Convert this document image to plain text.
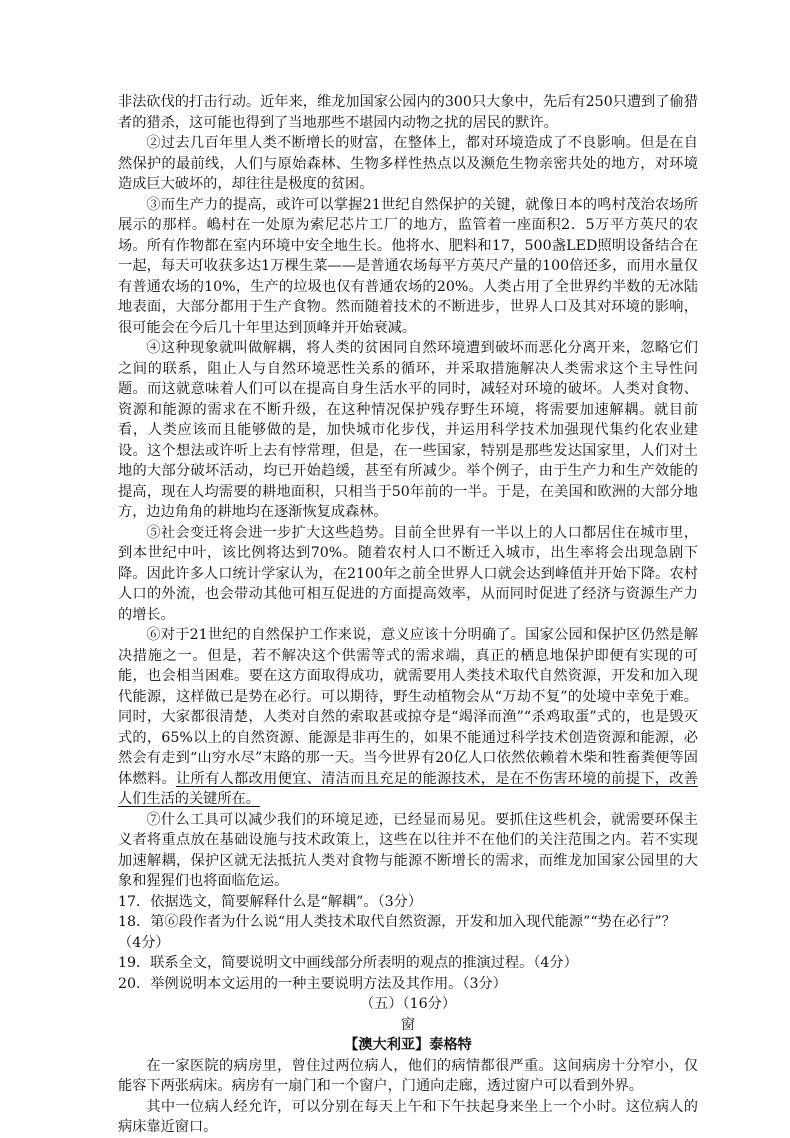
非法砍伐的打击行动。近年来，维龙加国家公园内的300只大象中，先后有250只遭到了偷猎者的猎杀，这可能也得到了当地那些不堪园内动物之扰的居民的默许。

②过去几百年里人类不断增长的财富，在整体上，都对环境造成了不良影响。但是在自然保护的最前线，人们与原始森林、生物多样性热点以及濒危生物亲密共处的地方，对环境造成巨大破坏的，却往往是极度的贫困。

③而生产力的提高，或许可以掌握21世纪自然保护的关键，就像日本的鸣村茂治农场所展示的那样。嶋村在一处原为索尼芯片工厂的地方，监管着一座面积2．5万平方英尺的农场。所有作物都在室内环境中安全地生长。他将水、肥料和17，500盏LED照明设备结合在一起，每天可收获多达1万棵生菜——是普通农场每平方英尺产量的100倍还多，而用水量仅有普通农场的10%，生产的垃圾也仅有普通农场的20%。人类占用了全世界约半数的无冰陆地表面，大部分都用于生产食物。然而随着技术的不断进步，世界人口及其对环境的影响，很可能会在今后几十年里达到顶峰并开始衰减。

④这种现象就叫做解耦，将人类的贫困同自然环境遭到破坏而恶化分离开来，忽略它们之间的联系，阻止人与自然环境恶性关系的循环，并采取措施解决人类需求这个主导性问题。而这就意味着人们可以在提高自身生活水平的同时，减轻对环境的破坏。人类对食物、资源和能源的需求在不断升级，在这种情况保护残存野生环境，将需要加速解耦。就目前看，人类应该而且能够做的是，加快城市化步伐，并运用科学技术加强现代集约化农业建设。这个想法或许听上去有悖常理，但是，在一些国家，特别是那些发达国家里，人们对土地的大部分破坏活动，均已开始趋缓，甚至有所减少。举个例子，由于生产力和生产效能的提高，现在人均需要的耕地面积，只相当于50年前的一半。于是，在美国和欧洲的大部分地方，边边角角的耕地均在逐渐恢复成森林。

⑤社会变迁将会进一步扩大这些趋势。目前全世界有一半以上的人口都居住在城市里，到本世纪中叶，该比例将达到70%。随着农村人口不断迁入城市，出生率将会出现急剧下降。因此许多人口统计学家认为，在2100年之前全世界人口就会达到峰值并开始下降。农村人口的外流，也会带动其他可相互促进的方面提高效率，从而同时促进了经济与资源生产力的增长。

⑥对于21世纪的自然保护工作来说，意义应该十分明确了。国家公园和保护区仍然是解决措施之一。但是，若不解决这个供需等式的需求端，真正的栖息地保护即便有实现的可能，也会相当困难。要在这方面取得成功，就需要用人类技术取代自然资源，开发和加入现代能源，这样做已是势在必行。可以期待，野生动植物会从“万劫不复”的处境中幸免于难。同时，大家都很清楚，人类对自然的索取甚或掠夺是“竭泽而渔”“杀鸡取蛋”式的，也是毁灭式的，65%以上的自然资源、能源是非再生的，如果不能通过科学技术创造资源和能源，必然会有走到“山穷水尽”末路的那一天。当今世界有20亿人口依然依赖着木柴和牲畜粪便等固体燃料。让所有人都改用便宜、清洁而且充足的能源技术，是在不伤害环境的前提下，改善人们生活的关键所在。

⑦什么工具可以减少我们的环境足迹，已经显而易见。要抓住这些机会，就需要环保主义者将重点放在基础设施与技术政策上，这些在以往并不在他们的关注范围之内。若不实现加速解耦，保护区就无法抵抗人类对食物与能源不断增长的需求，而维龙加国家公园里的大象和猩猩们也将面临危运。

17．依据选文，简要解释什么是“解耦”。（3分）

18．第⑥段作者为什么说“用人类技术取代自然资源，开发和加入现代能源”“势在必行”？（4分）

19．联系全文，简要说明文中画线部分所表明的观点的推演过程。（4分）

20．举例说明本文运用的一种主要说明方法及其作用。（3分）

（五）（16分）

窗

【澳大利亚】泰格特

在一家医院的病房里，曾住过两位病人，他们的病情都很严重。这间病房十分窄小，仅能容下两张病床。病房有一扇门和一个窗户，门通向走廊，透过窗户可以看到外界。

其中一位病人经允许，可以分别在每天上午和下午扶起身来坐上一个小时。这位病人的病床靠近窗口。
